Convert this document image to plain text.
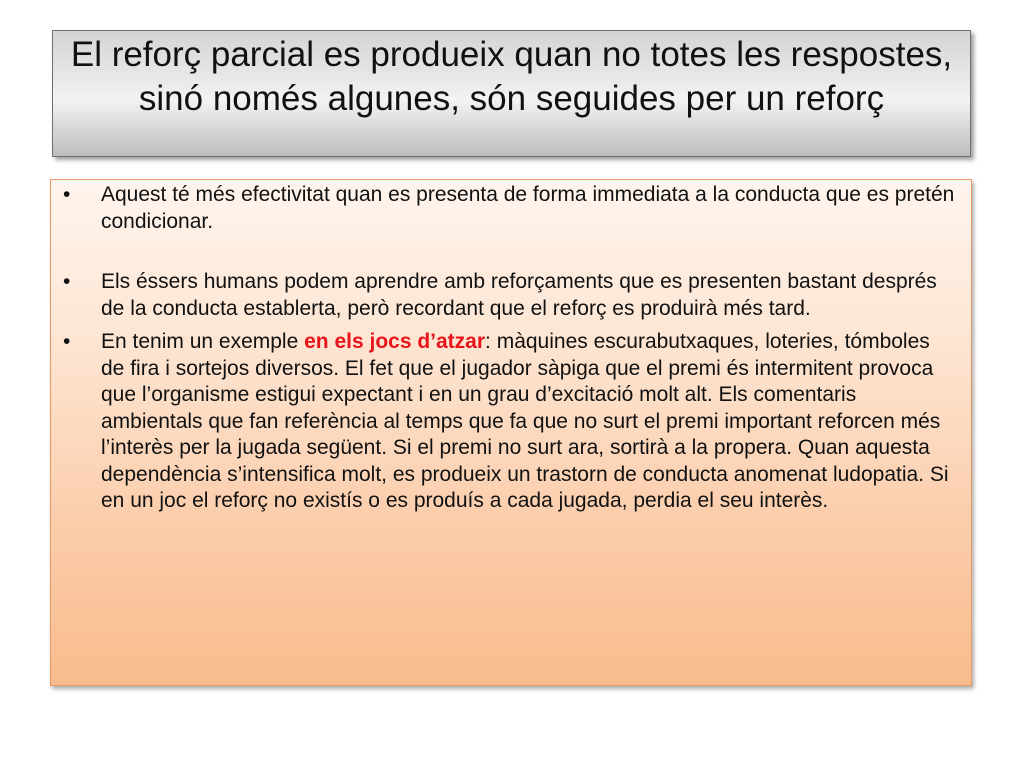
El reforç parcial es produeix quan no totes les respostes, sinó només algunes, són seguides per un reforç
• Aquest té més efectivitat quan es presenta de forma immediata a la conducta que es pretén condicionar.
• Els éssers humans podem aprendre amb reforçaments que es presenten bastant després de la conducta establerta, però recordant que el reforç es produirà més tard.
• En tenim un exemple en els jocs d’atzar: màquines escurabutxaques, loteries, tómboles de fira i sortejos diversos. El fet que el jugador sàpiga que el premi és intermitent provoca que l’organisme estigui expectant i en un grau d’excitació molt alt. Els comentaris ambientals que fan referència al temps que fa que no surt el premi important reforcen més l’interès per la jugada següent. Si el premi no surt ara, sortirà a la propera. Quan aquesta dependència s’intensifica molt, es produeix un trastorn de conducta anomenat ludopatia. Si en un joc el reforç no existís o es produís a cada jugada, perdia el seu interès.
